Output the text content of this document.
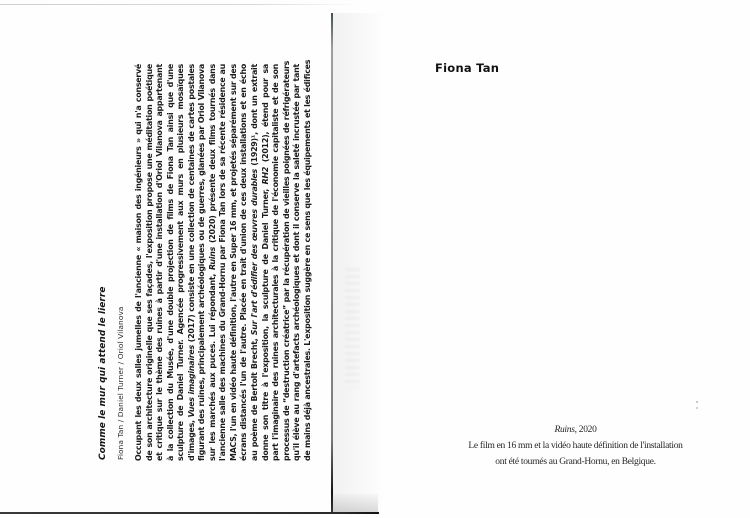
Comme le mur qui attend le lierre Fiona Tan / Daniel Turner / Oriol Vilanova Occupant les deux salles jumelles de l'ancienne « maison des ingénieurs » qui n'a conservé de son architecture originelle que ses façades, l'exposition propose une méditation poétique et critique sur le thème des ruines à partir d'une installation d'Oriol Vilanova appartenant à la collection du Musée, d'une double projection de films de Fiona Tan ainsi que d'une sculpture de Daniel Turner. Agencée progressivement aux murs en plusieurs mosaïques d'images, Vues imaginaires (2017) consiste en une collection de centaines de cartes postales figurant des ruines, principalement archéologiques ou de guerres, glanées par Oriol Vilanova sur les marchés aux puces. Lui répondant, Ruins (2020) présente deux films tournés dans l'ancienne salle des machines du Grand-Hornu par Fiona Tan lors de sa récente résidence au MACS, l'un en vidéo haute définition, l'autre en Super 16 mm, et projetés séparément sur des écrans distancés l'un de l'autre. Placée en trait d'union de ces deux installations et en écho au poème de Bertolt Brecht, Sur l'art d'édifier des œuvres durables (1929)¹, dont un extrait
donne son titre à l'exposition, la sculpture de Daniel Turner, RH2 (2012), étend pour sa part l'imaginaire des ruines architecturales à la critique de l'économie capitaliste et de son processus de “destruction créatrice” par la récupération de vieilles poignées de réfrigérateurs qu'il élève au rang d'artefacts archéologiques et dont il conserve la saleté incrustée par tant de mains déjà ancestrales. L'exposition suggère en ce sens que les équipements et les édifices	Fiona Tan
Ruins, 2020
Le film en 16 mm et la vidéo haute définition de l'installation
ont été tournés au Grand-Hornu, en Belgique.
